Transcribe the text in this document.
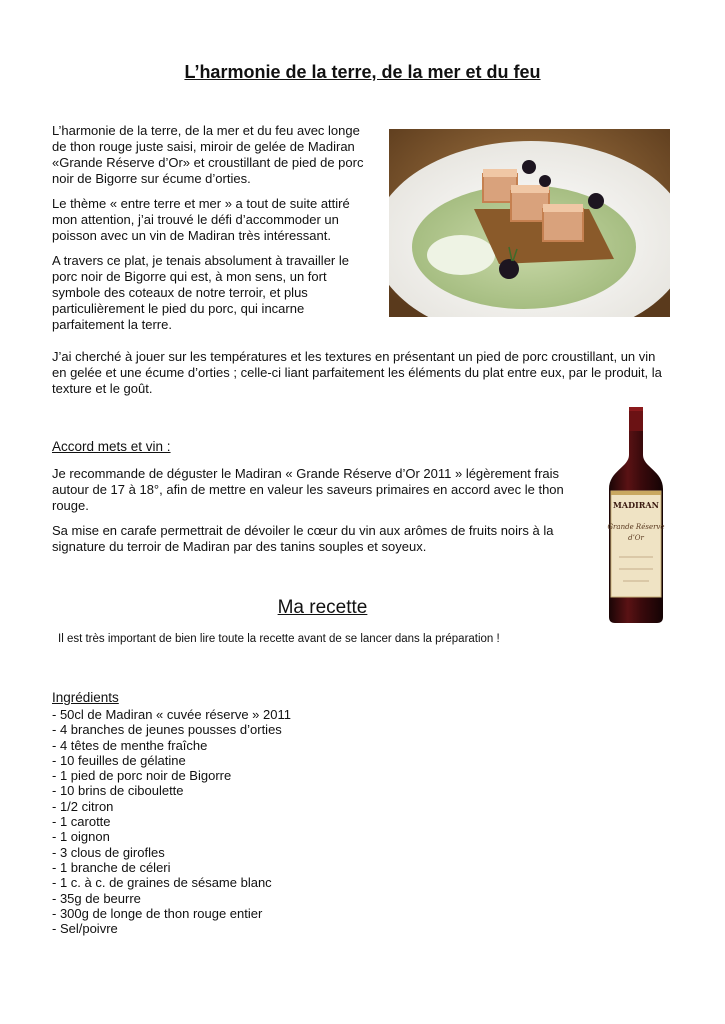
L’harmonie de la terre, de la mer et du feu

L’harmonie de la terre, de la mer et du feu avec longe de thon rouge juste saisi, miroir de gelée de Madiran «Grande Réserve d’Or» et croustillant de pied de porc noir de Bigorre sur écume d’orties.

Le thème « entre terre et mer » a tout de suite attiré mon attention, j’ai trouvé le défi d’accommoder un poisson avec un vin de Madiran très intéressant.

A travers ce plat, je tenais absolument à travailler le porc noir de Bigorre qui est, à mon sens, un fort symbole des coteaux de notre terroir, et plus particulièrement le pied du porc, qui incarne parfaitement la terre.

J’ai cherché à jouer sur les températures et les textures en présentant un pied de porc croustillant, un vin en gelée et une écume d’orties ; celle-ci liant parfaitement les éléments du plat entre eux, par le produit, la texture et le goût.

Accord mets et vin :

Je recommande de déguster le Madiran « Grande Réserve d’Or 2011 » légèrement frais autour de 17 à 18°, afin de mettre en valeur les saveurs primaires en accord avec le thon rouge.

Sa mise en carafe permettrait de dévoiler le cœur du vin aux arômes de fruits noirs à la signature du terroir de Madiran par des tanins souples et soyeux.

MADIRAN
Grande Réserve
d’Or
Ma recette
Il est très important de bien lire toute la recette avant de se lancer dans la préparation !
Ingrédients
- 50cl de Madiran « cuvée réserve » 2011
- 4 branches de jeunes pousses d’orties
- 4 têtes de menthe fraîche
- 10 feuilles de gélatine
- 1 pied de porc noir de Bigorre
- 10 brins de ciboulette
- 1/2 citron
- 1 carotte
- 1 oignon
- 3 clous de girofles
- 1 branche de céleri
- 1 c. à c. de graines de sésame blanc
- 35g de beurre
- 300g de longe de thon rouge entier
- Sel/poivre
